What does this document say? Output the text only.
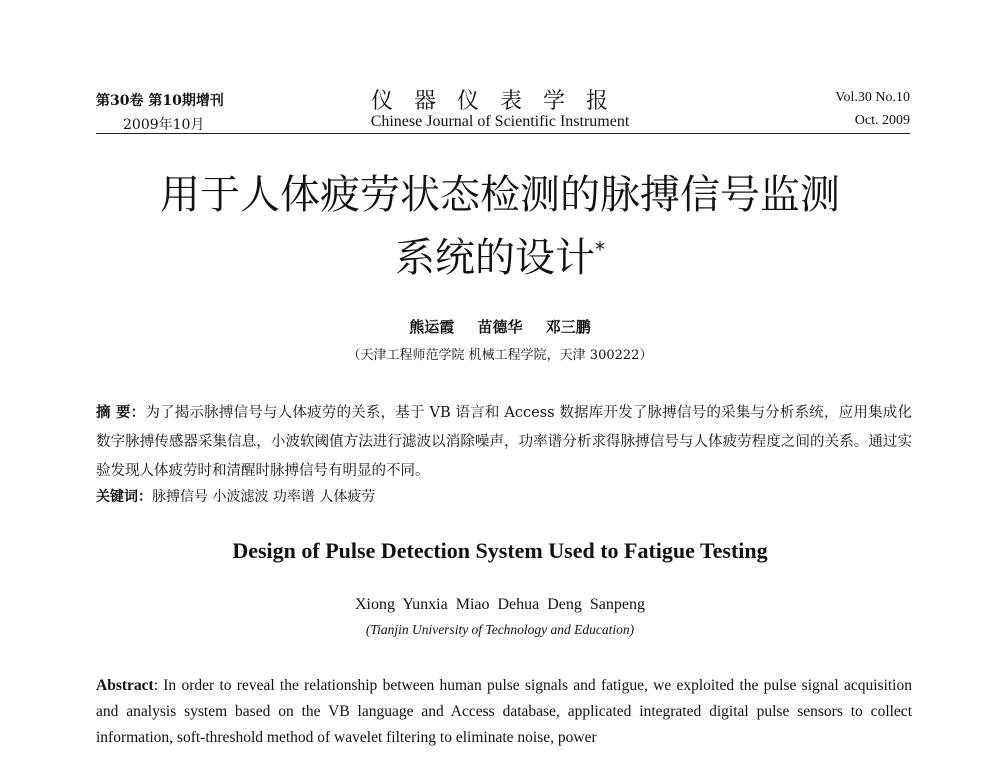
第30卷 第10期增刊
2009年10月
仪器仪表学报
Chinese Journal of Scientific Instrument
Vol.30 No.10
Oct. 2009
用于人体疲劳状态检测的脉搏信号监测
系统的设计*
熊运霞 苗德华 邓三鹏
（天津工程师范学院 机械工程学院，天津 300222）
摘 要：为了揭示脉搏信号与人体疲劳的关系，基于 VB 语言和 Access 数据库开发了脉搏信号的采集与分析系统，应用集成化数字脉搏传感器采集信息，小波软阈值方法进行滤波以消除噪声，功率谱分析求得脉搏信号与人体疲劳程度之间的关系。通过实验发现人体疲劳时和清醒时脉搏信号有明显的不同。
关键词：脉搏信号 小波滤波 功率谱 人体疲劳
Design of Pulse Detection System Used to Fatigue Testing
Xiong Yunxia Miao Dehua Deng Sanpeng
(Tianjin University of Technology and Education)
Abstract: In order to reveal the relationship between human pulse signals and fatigue, we exploited the pulse signal acquisition and analysis system based on the VB language and Access database, applicated integrated digital pulse sensors to collect information, soft-threshold method of wavelet filtering to eliminate noise, power
